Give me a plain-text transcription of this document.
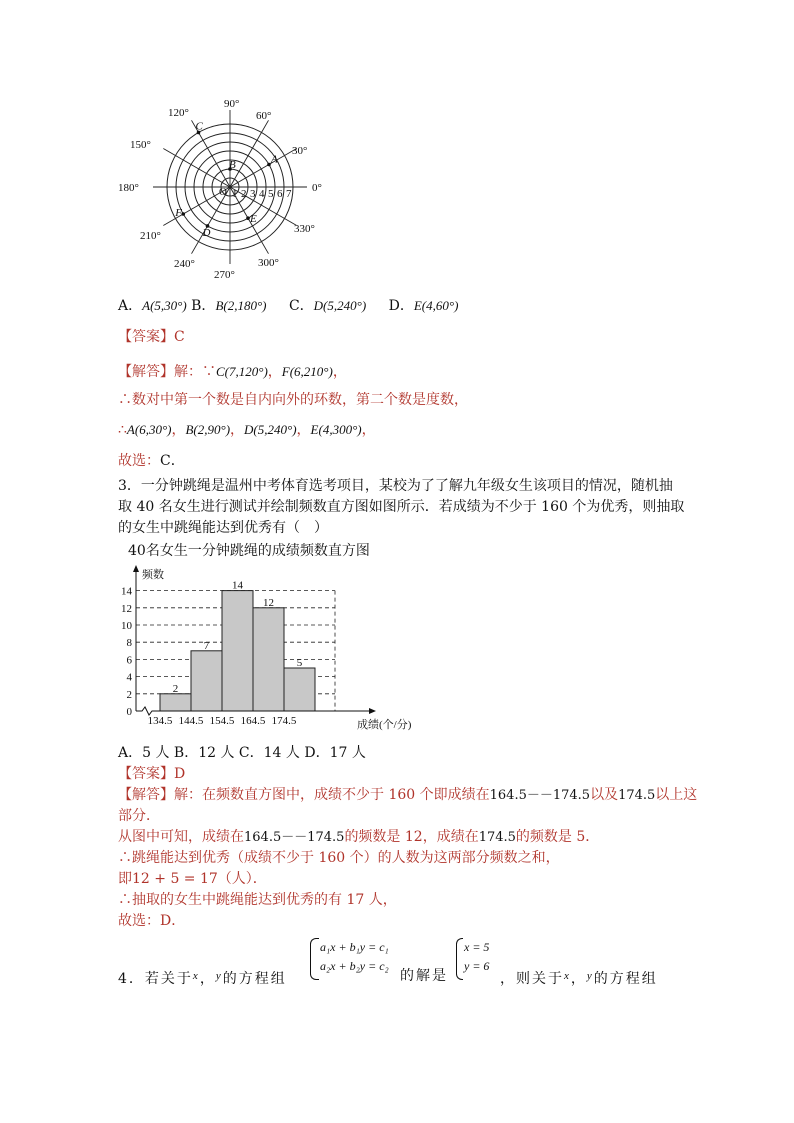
90°
60°
30°
0°
330°
300°
270°
240°
210°
180°
150°
120°
1 2 3 4 5 6 7
O
A
B
C
D
E
F
A．A(5,30°) B．B(2,180°) C．D(5,240°) D．E(4,60°)
【答案】C
【解答】解：∵C(7,120°)，F(6,210°)，
∴数对中第一个数是自内向外的环数，第二个数是度数，
∴A(6,30°)，B(2,90°)，D(5,240°)，E(4,300°)，
故选：C．
3．一分钟跳绳是温州中考体育选考项目，某校为了了解九年级女生该项目的情况，随机抽
取 40 名女生进行测试并绘制频数直方图如图所示．若成绩为不少于 160 个为优秀，则抽取
的女生中跳绳能达到优秀有（　）
40名女生一分钟跳绳的成绩频数直方图
2
7
14
12
5
0
2
4
6
8
10
12
14
134.5 144.5 154.5 164.5 174.5
频数
成绩(个/分)
A．5 人 B．12 人 C．14 人 D．17 人
【答案】D
【解答】解：在频数直方图中，成绩不少于 160 个即成绩在164.5－－174.5以及174.5以上这
部分．
从图中可知，成绩在164.5－－174.5的频数是 12，成绩在174.5的频数是 5．
∴跳绳能达到优秀（成绩不少于 160 个）的人数为这两部分频数之和，
即12 + 5 = 17（人）．
∴抽取的女生中跳绳能达到优秀的有 17 人，
故选：D．
4．若关于$^x$，$^y$的方程组
a₁x + b₁y = c₁
a₂x + b₂y = c₂
的解是
x = 5
y = 6
，则关于$^x$，$^y$的方程组
